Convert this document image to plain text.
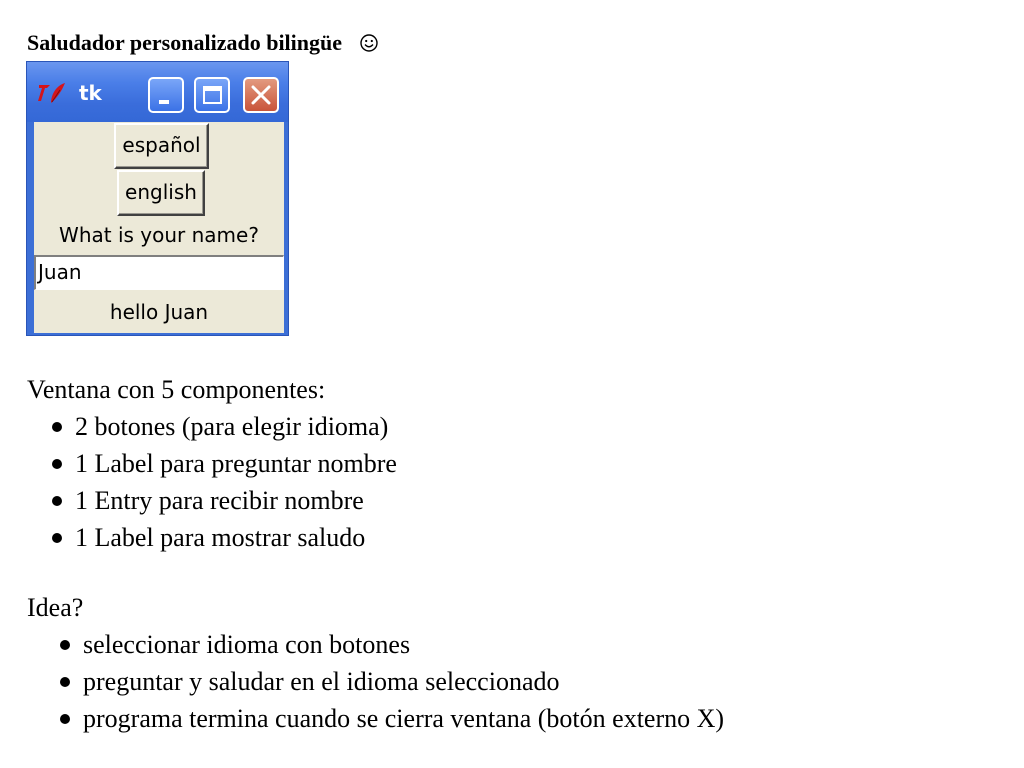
Saludador personalizado bilingüe
tk
español
english
What is your name?
Juan
hello Juan
Ventana con 5 componentes:
2 botones (para elegir idioma)
1 Label para preguntar nombre
1 Entry para recibir nombre
1 Label para mostrar saludo
Idea?
seleccionar idioma con botones
preguntar y saludar en el idioma seleccionado
programa termina cuando se cierra ventana (botón externo X)
